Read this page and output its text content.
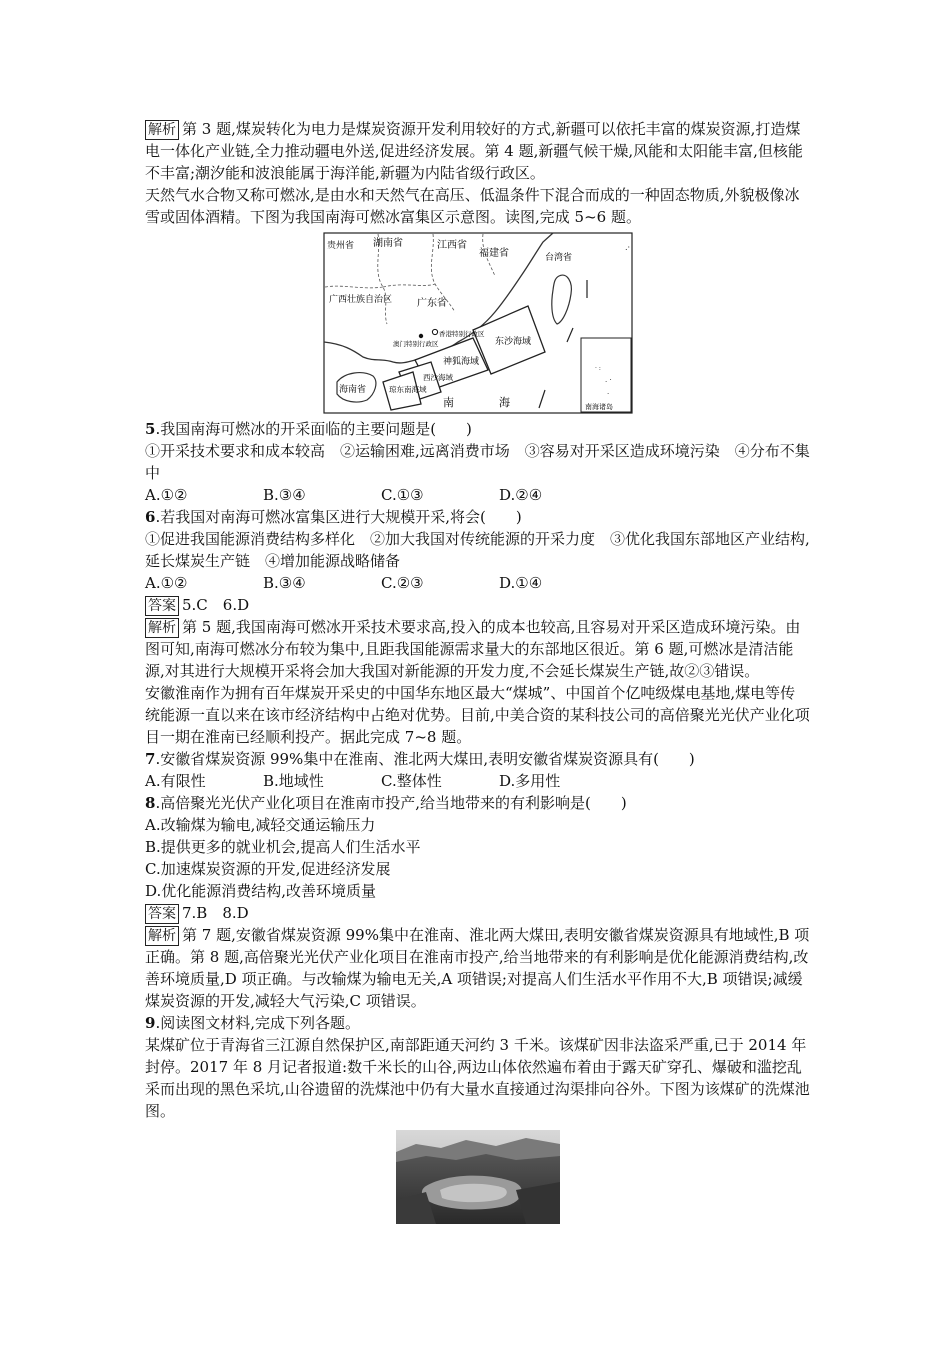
解析 第 3 题,煤炭转化为电力是煤炭资源开发利用较好的方式,新疆可以依托丰富的煤炭资源,打造煤电一体化产业链,全力推动疆电外送,促进经济发展。第 4 题,新疆气候干燥,风能和太阳能丰富,但核能不丰富;潮汐能和波浪能属于海洋能,新疆为内陆省级行政区。

天然气水合物又称可燃冰,是由水和天然气在高压、低温条件下混合而成的一种固态物质,外貌极像冰雪或固体酒精。下图为我国南海可燃冰富集区示意图。读图,完成 5~6 题。

.·
. ·
· :
.
贵州省 湖南省	江西省
福建省
广西壮族自治区 广东省
台湾省
香港特别行政区
澳门特别行政区	东沙海域
神狐海域
西沙海域
琼东南海域
海南省
南	海	南海诸岛

5.我国南海可燃冰的开采面临的主要问题是(　　)

①开采技术要求和成本较高　②运输困难,远离消费市场　③容易对开采区造成环境污染　④分布不集中

A.①②	B.③④	C.①③	D.②④

6.若我国对南海可燃冰富集区进行大规模开采,将会(　　)

①促进我国能源消费结构多样化　②加大我国对传统能源的开采力度　③优化我国东部地区产业结构,延长煤炭生产链　④增加能源战略储备

A.①②	B.③④	C.②③	D.①④

答案 5.C　6.D

解析 第 5 题,我国南海可燃冰开采技术要求高,投入的成本也较高,且容易对开采区造成环境污染。由图可知,南海可燃冰分布较为集中,且距我国能源需求量大的东部地区很近。第 6 题,可燃冰是清洁能源,对其进行大规模开采将会加大我国对新能源的开发力度,不会延长煤炭生产链,故②③错误。

安徽淮南作为拥有百年煤炭开采史的中国华东地区最大“煤城”、中国首个亿吨级煤电基地,煤电等传统能源一直以来在该市经济结构中占绝对优势。目前,中美合资的某科技公司的高倍聚光光伏产业化项目一期在淮南已经顺利投产。据此完成 7~8 题。

7.安徽省煤炭资源 99%集中在淮南、淮北两大煤田,表明安徽省煤炭资源具有(　　)

A.有限性	B.地域性	C.整体性	D.多用性

8.高倍聚光光伏产业化项目在淮南市投产,给当地带来的有利影响是(　　)

A.改输煤为输电,减轻交通运输压力

B.提供更多的就业机会,提高人们生活水平

C.加速煤炭资源的开发,促进经济发展

D.优化能源消费结构,改善环境质量

答案 7.B　8.D

解析 第 7 题,安徽省煤炭资源 99%集中在淮南、淮北两大煤田,表明安徽省煤炭资源具有地域性,B 项正确。第 8 题,高倍聚光光伏产业化项目在淮南市投产,给当地带来的有利影响是优化能源消费结构,改善环境质量,D 项正确。与改输煤为输电无关,A 项错误;对提高人们生活水平作用不大,B 项错误;减缓煤炭资源的开发,减轻大气污染,C 项错误。

9.阅读图文材料,完成下列各题。

某煤矿位于青海省三江源自然保护区,南部距通天河约 3 千米。该煤矿因非法盗采严重,已于 2014 年封停。2017 年 8 月记者报道:数千米长的山谷,两边山体依然遍布着由于露天矿穿孔、爆破和滥挖乱采而出现的黑色采坑,山谷遗留的洗煤池中仍有大量水直接通过沟渠排向谷外。下图为该煤矿的洗煤池图。
